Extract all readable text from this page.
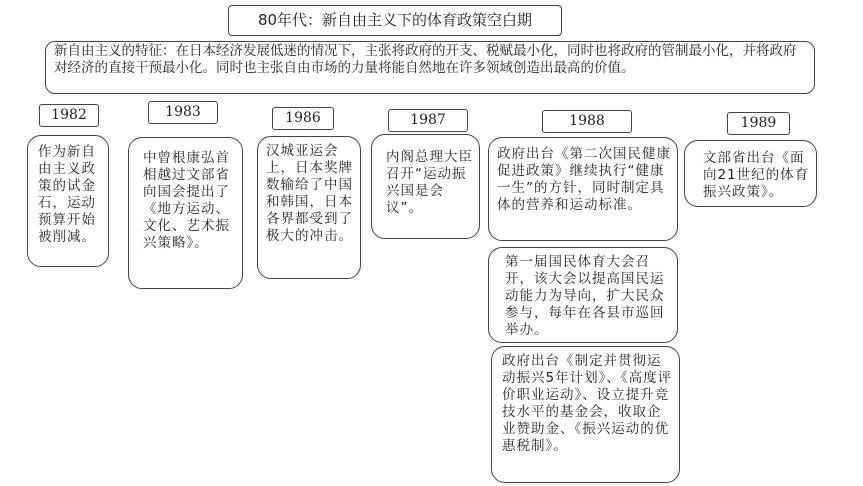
80年代：新自由主义下的体育政策空白期
新自由主义的特征：在日本经济发展低迷的情况下，主张将政府的开支、税赋最小化，同时也将政府的管制最小化，并将政府对经济的直接干预最小化。同时也主张自由市场的力量将能自然地在许多领域创造出最高的价值。
1982	1983	1986	1987	1988	1989
作为新自由主义政策的试金石，运动预算开始被削减。
中曾根康弘首相越过文部省向国会提出了《地方运动、文化、艺术振兴策略》。
汉城亚运会上，日本奖牌数输给了中国和韩国，日本各界都受到了极大的冲击。
内阁总理大臣召开“运动振兴国是会议”。
政府出台《第二次国民健康促进政策》继续执行“健康一生”的方针，同时制定具体的营养和运动标准。
第一届国民体育大会召开，该大会以提高国民运动能力为导向，扩大民众参与，每年在各县市巡回举办。
政府出台《制定并贯彻运动振兴5年计划》、《高度评价职业运动》、设立提升竞技水平的基金会，收取企业赞助金、《振兴运动的优惠税制》。
文部省出台《面向21世纪的体育振兴政策》。
